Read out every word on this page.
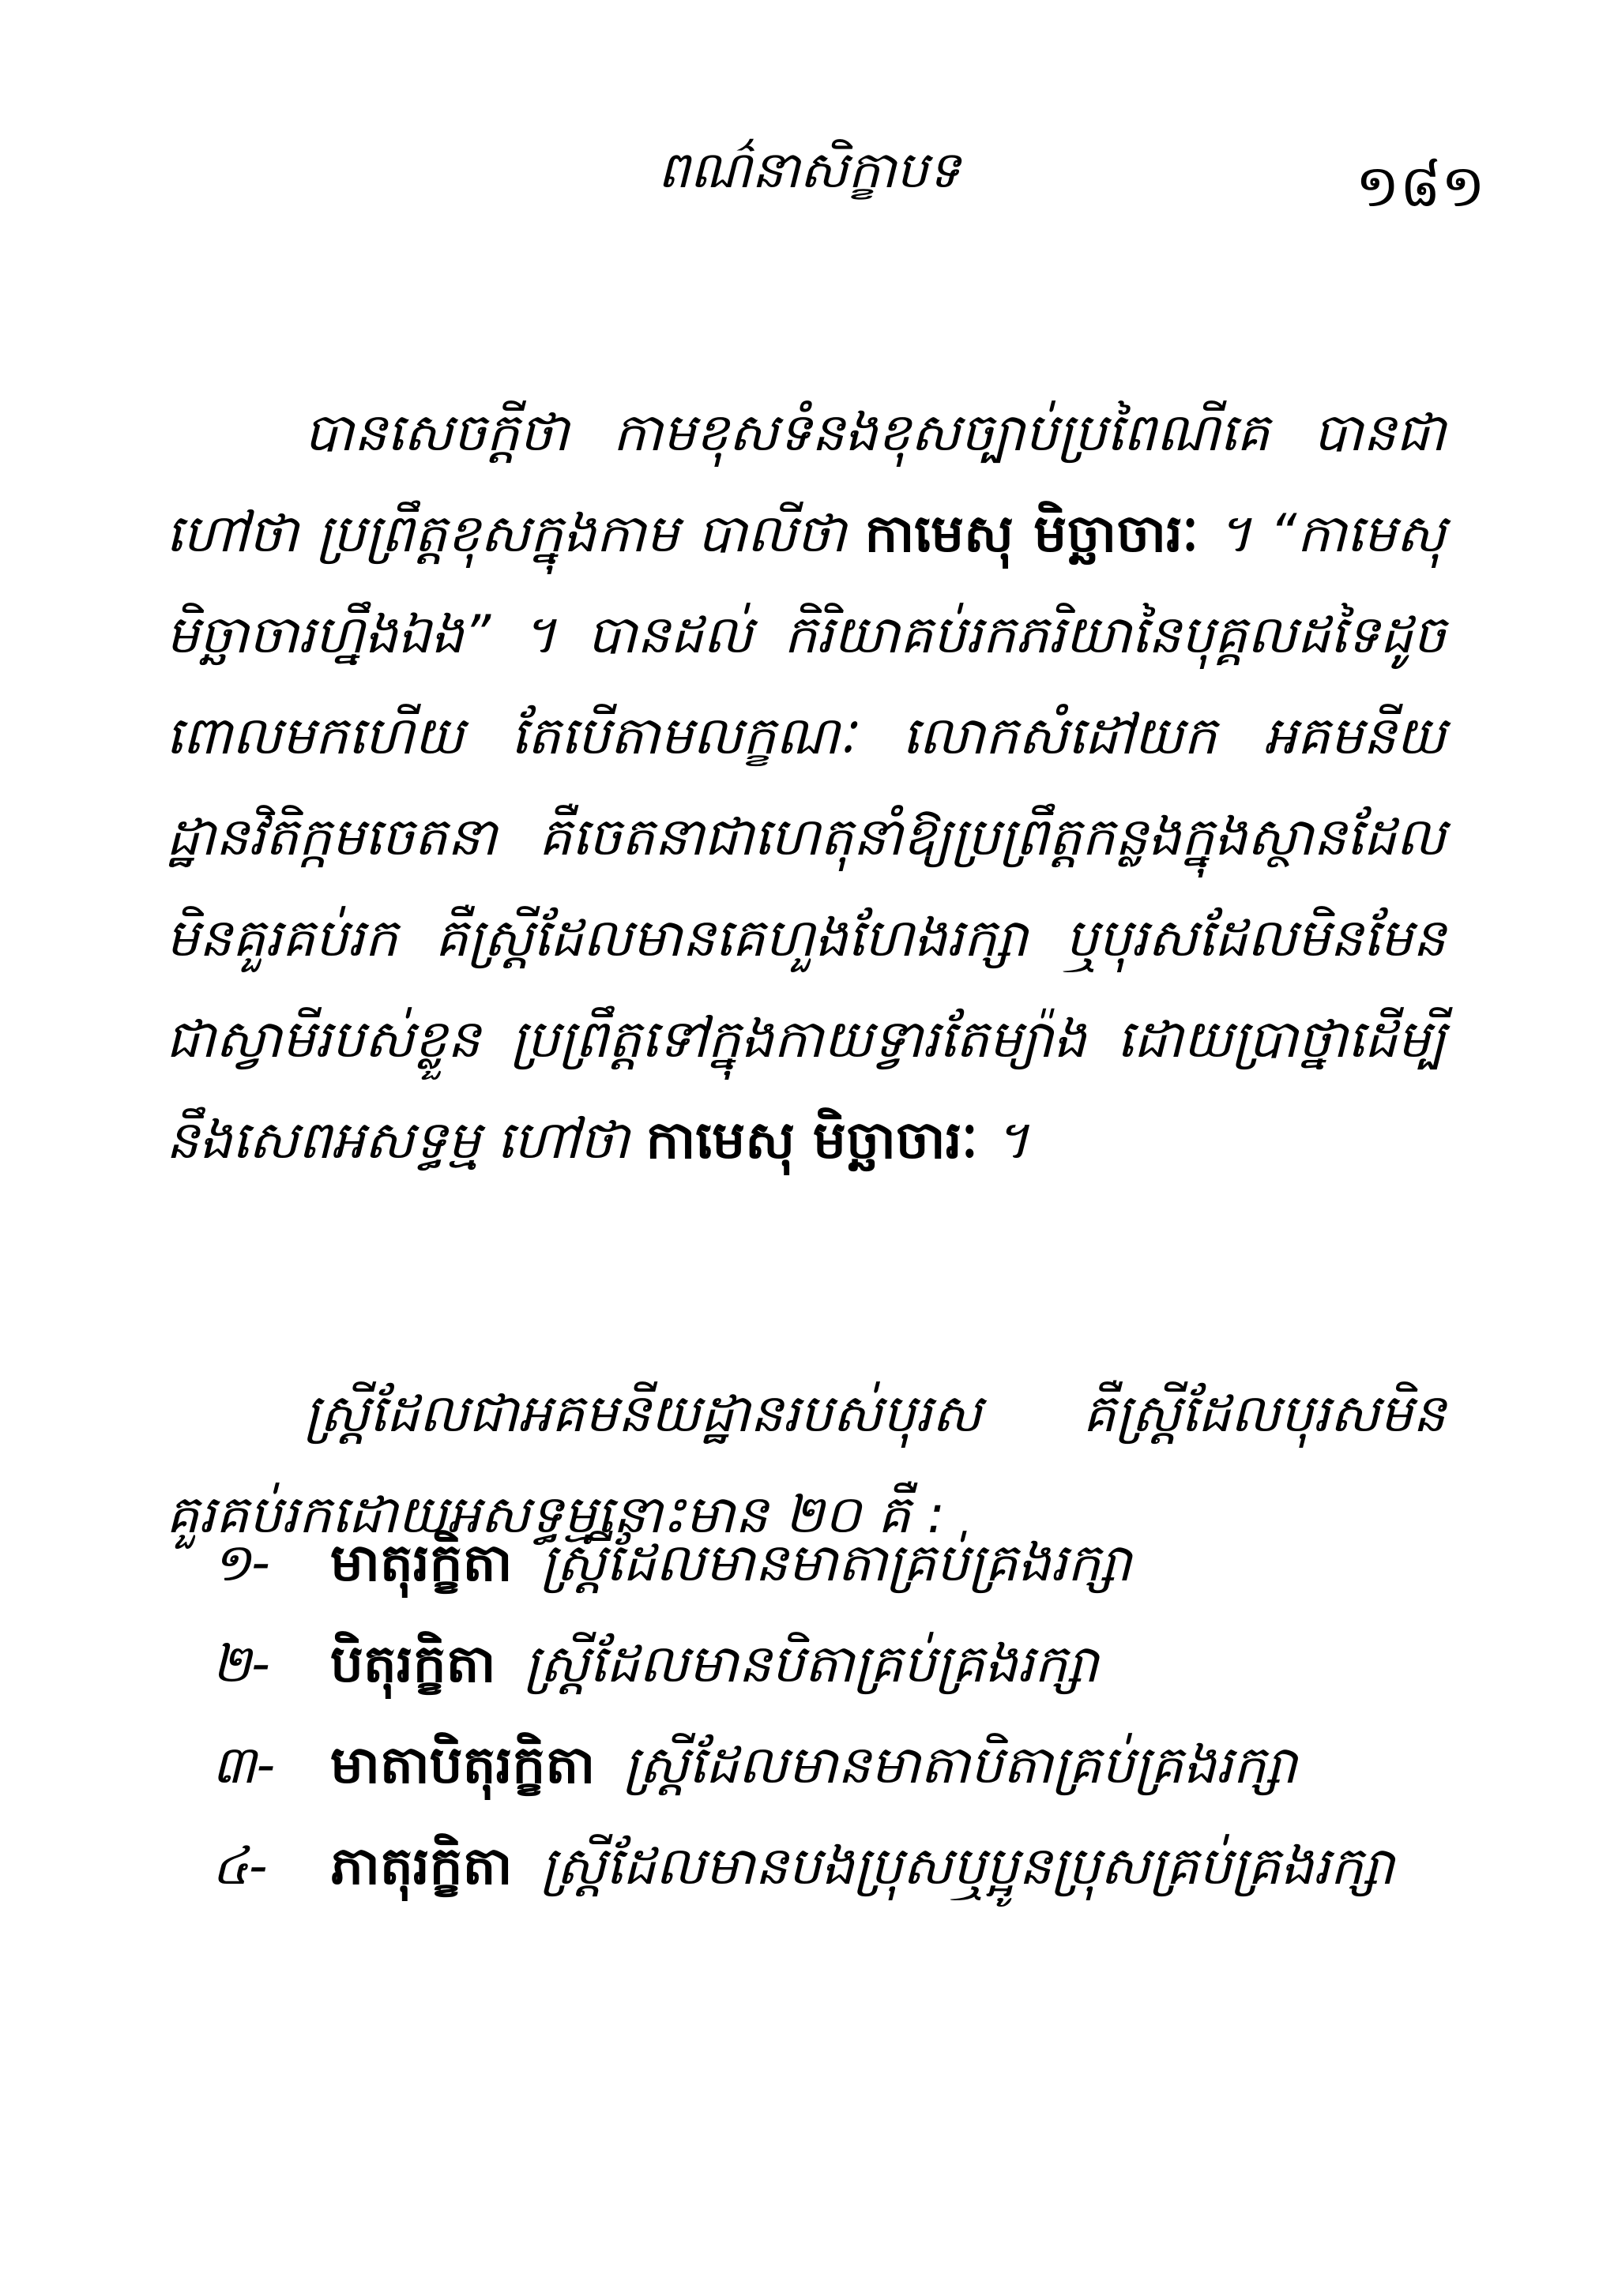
ពណ៌នាសិក្ខាបទ	១៨១

បានសេចក្តីថា កាមខុសទំនងខុសច្បាប់ប្រពៃណីគេ បានជាហៅថា ប្រព្រឹត្តខុសក្នុងកាម បាលីថា កាមេសុ មិច្ឆាចារៈ ។ “កាមេសុមិច្ឆាចារហ្នឹងឯង” ។ បានដល់ កិរិយាគប់រកភរិយានៃបុគ្គលដទៃដូចពោលមកហើយ តែបើតាមលក្ខណៈ លោកសំដៅយក អគមនីយដ្ឋានវិតិក្កមចេតនា គឺចេតនាជាហេតុនាំឱ្យប្រព្រឹត្តកន្លងក្នុងស្ថានដែលមិនគួរគប់រក គឺស្ត្រីដែលមានគេហួងហែងរក្សា ឬបុរសដែលមិនមែនជាស្វាមីរបស់ខ្លួន ប្រព្រឹត្តទៅក្នុងកាយទ្វារតែម្យ៉ាង ដោយប្រាថ្នាដើម្បីនឹងសេពអសទ្ធម្ម ហៅថា កាមេសុ មិច្ឆាចារៈ ។

ស្ត្រីដែលជាអគមនីយដ្ឋានរបស់បុរស គឺស្ត្រីដែលបុរសមិនគួរគប់រកដោយអសទ្ធម្មនោះមាន ២០ គឺ :

១-	មាតុរក្ខិតា ស្ត្រីដែលមានមាតាគ្រប់គ្រងរក្សា
២-	បិតុរក្ខិតា ស្ត្រីដែលមានបិតាគ្រប់គ្រងរក្សា
៣-	មាតាបិតុរក្ខិតា ស្ត្រីដែលមានមាតាបិតាគ្រប់គ្រងរក្សា
៤-	ភាតុរក្ខិតា ស្ត្រីដែលមានបងប្រុសឬប្អូនប្រុសគ្រប់គ្រងរក្សា
